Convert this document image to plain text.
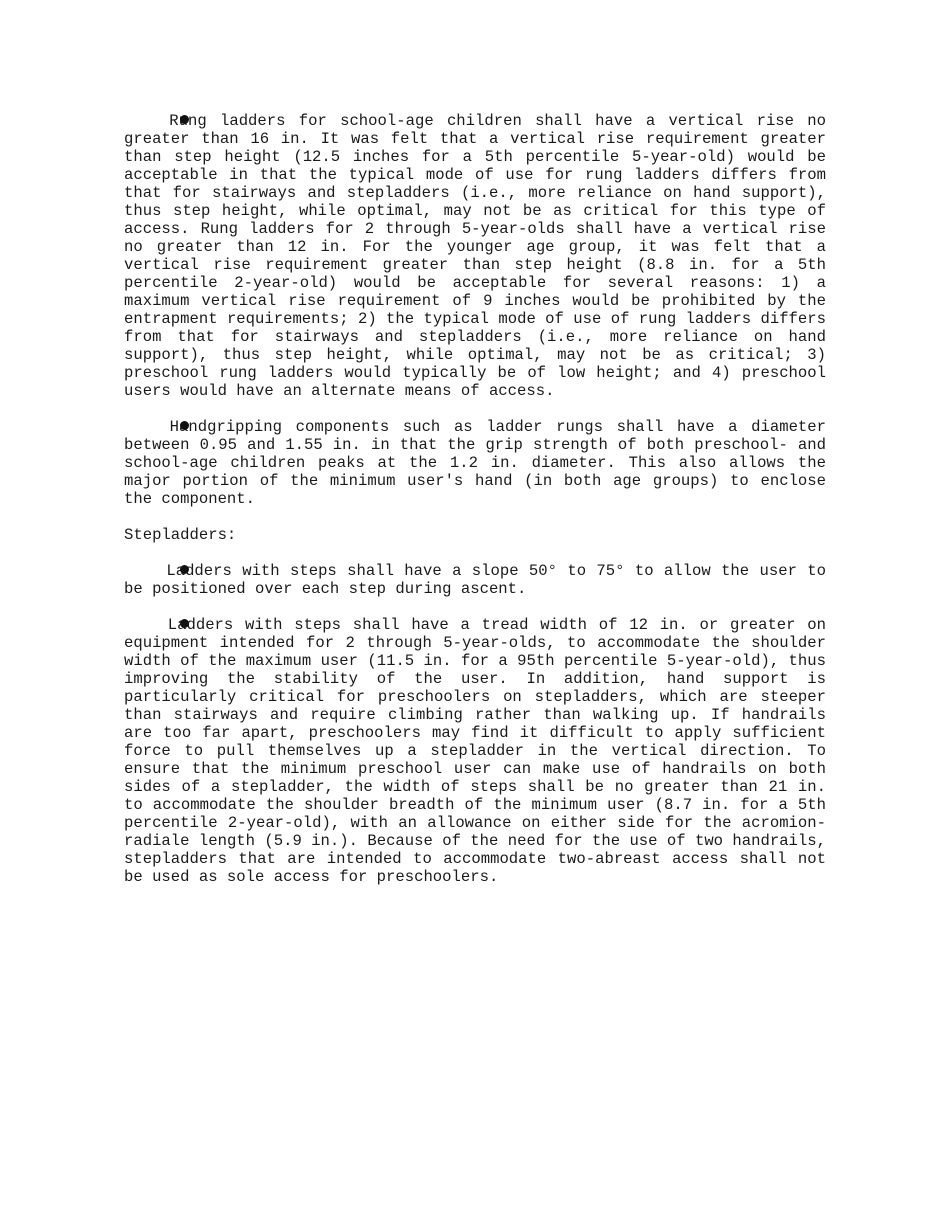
Rung ladders for school-age children shall have a vertical rise no greater than 16 in. It was felt that a vertical rise requirement greater than step height (12.5 inches for a 5th percentile 5-year-old) would be acceptable in that the typical mode of use for rung ladders differs from that for stairways and stepladders (i.e., more reliance on hand support), thus step height, while optimal, may not be as critical for this type of access. Rung ladders for 2 through 5-year-olds shall have a vertical rise no greater than 12 in. For the younger age group, it was felt that a vertical rise requirement greater than step height (8.8 in. for a 5th percentile 2-year-old) would be acceptable for several reasons: 1) a maximum vertical rise requirement of 9 inches would be prohibited by the entrapment requirements; 2) the typical mode of use of rung ladders differs from that for stairways and stepladders (i.e., more reliance on hand support), thus step height, while optimal, may not be as critical; 3) preschool rung ladders would typically be of low height; and 4) preschool users would have an alternate means of access.

Handgripping components such as ladder rungs shall have a diameter between 0.95 and 1.55 in. in that the grip strength of both preschool- and school-age children peaks at the 1.2 in. diameter. This also allows the major portion of the minimum user's hand (in both age groups) to enclose the component.

Stepladders:

Ladders with steps shall have a slope 50° to 75° to allow the user to be positioned over each step during ascent.

Ladders with steps shall have a tread width of 12 in. or greater on equipment intended for 2 through 5-year-olds, to accommodate the shoulder width of the maximum user (11.5 in. for a 95th percentile 5-year-old), thus improving the stability of the user. In addition, hand support is particularly critical for preschoolers on stepladders, which are steeper than stairways and require climbing rather than walking up. If handrails are too far apart, preschoolers may find it difficult to apply sufficient force to pull themselves up a stepladder in the vertical direction. To ensure that the minimum preschool user can make use of handrails on both sides of a stepladder, the width of steps shall be no greater than 21 in. to accommodate the shoulder breadth of the minimum user (8.7 in. for a 5th percentile 2-year-old), with an allowance on either side for the acromion-radiale length (5.9 in.). Because of the need for the use of two handrails, stepladders that are intended to accommodate two-abreast access shall not be used as sole access for preschoolers.
